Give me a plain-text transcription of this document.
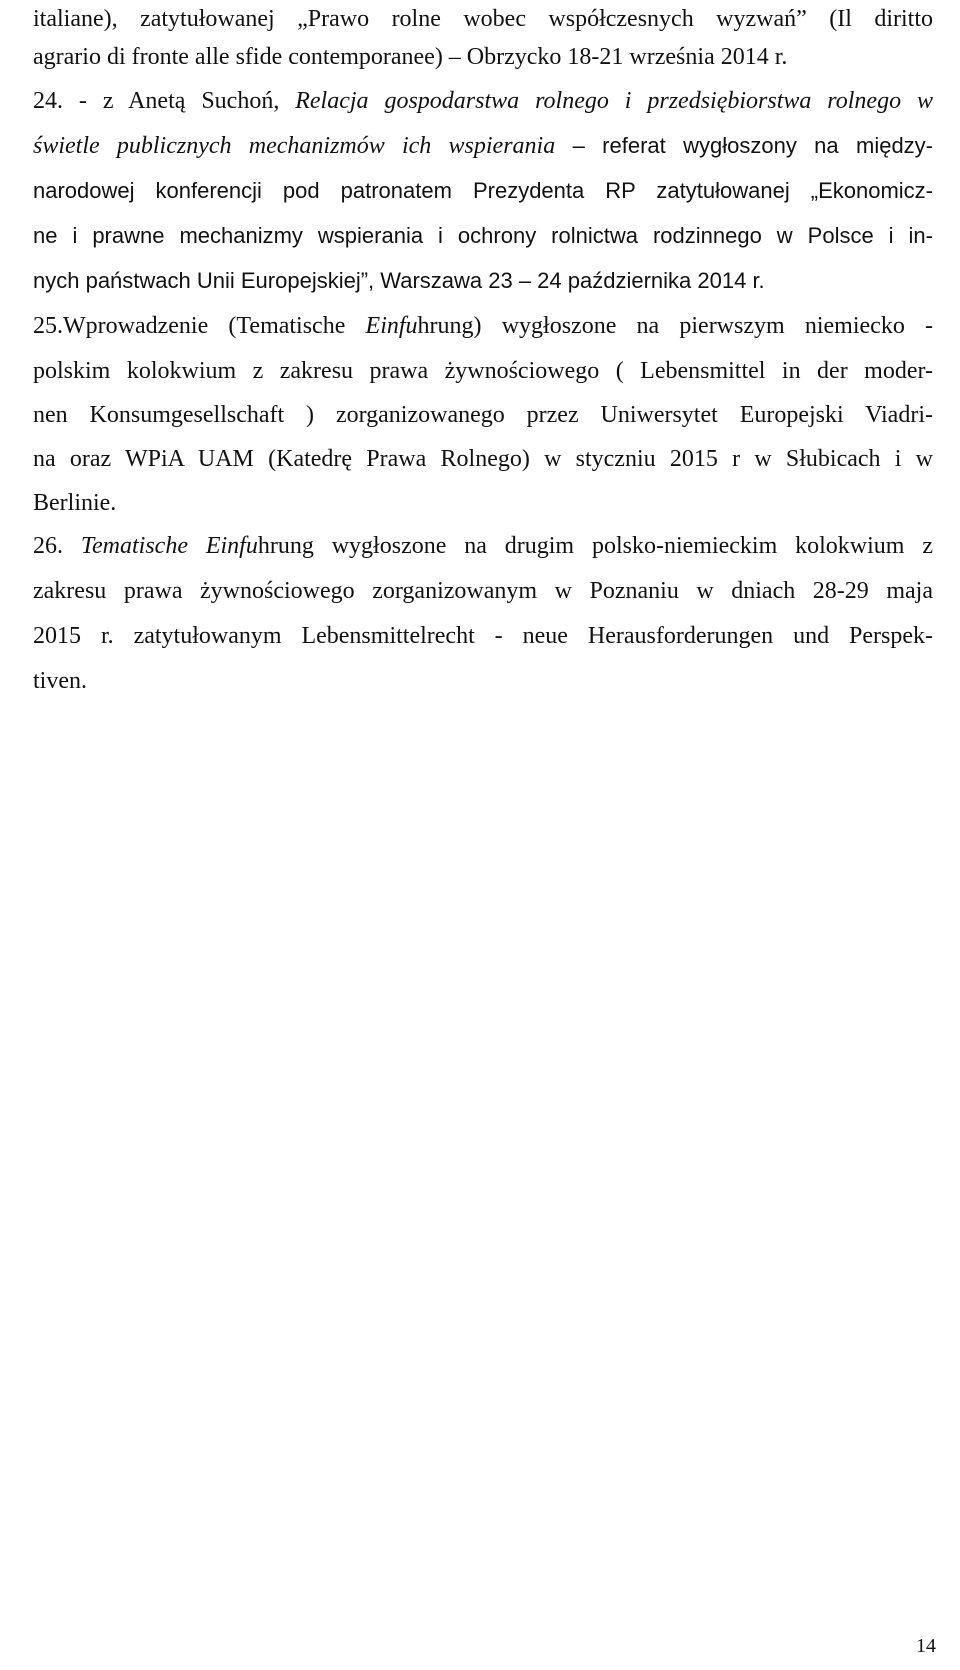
italiane), zatytułowanej „Prawo rolne wobec współczesnych wyzwań” (Il diritto
agrario di fronte alle sfide contemporanee) – Obrzycko 18-21 września 2014 r.
24. - z Anetą Suchoń, Relacja gospodarstwa rolnego i przedsiębiorstwa rolnego w
świetle publicznych mechanizmów ich wspierania – referat wygłoszony na między-
narodowej konferencji pod patronatem Prezydenta RP zatytułowanej „Ekonomicz-
ne i prawne mechanizmy wspierania i ochrony rolnictwa rodzinnego w Polsce i in-
nych państwach Unii Europejskiej”, Warszawa 23 – 24 października 2014 r.
25.Wprowadzenie (Tematische Einfuhrung) wygłoszone na pierwszym niemiecko -
polskim kolokwium z zakresu prawa żywnościowego ( Lebensmittel in der moder-
nen Konsumgesellschaft ) zorganizowanego przez Uniwersytet Europejski Viadri-
na oraz WPiA UAM (Katedrę Prawa Rolnego) w styczniu 2015 r w Słubicach i w
Berlinie.
26. Tematische Einfuhrung wygłoszone na drugim polsko-niemieckim kolokwium z
zakresu prawa żywnościowego zorganizowanym w Poznaniu w dniach 28-29 maja
2015 r. zatytułowanym Lebensmittelrecht - neue Herausforderungen und Perspek-
tiven.
14
